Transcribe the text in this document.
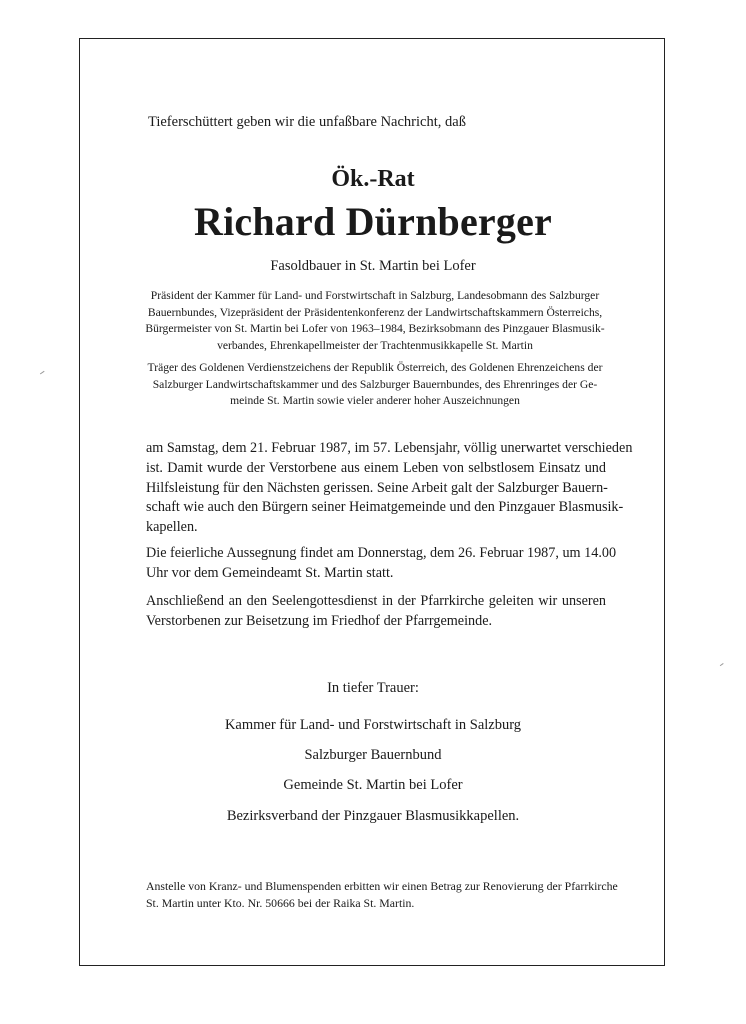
Tieferschüttert geben wir die unfaßbare Nachricht, daß
Ök.-Rat
Richard Dürnberger
Fasoldbauer in St. Martin bei Lofer
Präsident der Kammer für Land- und Forstwirtschaft in Salzburg, Landesobmann des Salzburger
Bauernbundes, Vizepräsident der Präsidentenkonferenz der Landwirtschaftskammern Österreichs,
Bürgermeister von St. Martin bei Lofer von 1963–1984, Bezirksobmann des Pinzgauer Blasmusik-
verbandes, Ehrenkapellmeister der Trachtenmusikkapelle St. Martin
Träger des Goldenen Verdienstzeichens der Republik Österreich, des Goldenen Ehrenzeichens der
Salzburger Landwirtschaftskammer und des Salzburger Bauernbundes, des Ehrenringes der Ge-
meinde St. Martin sowie vieler anderer hoher Auszeichnungen
am Samstag, dem 21. Februar 1987, im 57. Lebensjahr, völlig unerwartet verschieden
ist. Damit wurde der Verstorbene aus einem Leben von selbstlosem Einsatz und
Hilfsleistung für den Nächsten gerissen. Seine Arbeit galt der Salzburger Bauern-
schaft wie auch den Bürgern seiner Heimatgemeinde und den Pinzgauer Blasmusik-
kapellen.
Die feierliche Aussegnung findet am Donnerstag, dem 26. Februar 1987, um 14.00
Uhr vor dem Gemeindeamt St. Martin statt.
Anschließend an den Seelengottesdienst in der Pfarrkirche geleiten wir unseren
Verstorbenen zur Beisetzung im Friedhof der Pfarrgemeinde.
In tiefer Trauer:
Kammer für Land- und Forstwirtschaft in Salzburg
Salzburger Bauernbund
Gemeinde St. Martin bei Lofer
Bezirksverband der Pinzgauer Blasmusikkapellen.
Anstelle von Kranz- und Blumenspenden erbitten wir einen Betrag zur Renovierung der Pfarrkirche
St. Martin unter Kto. Nr. 50666 bei der Raika St. Martin.
